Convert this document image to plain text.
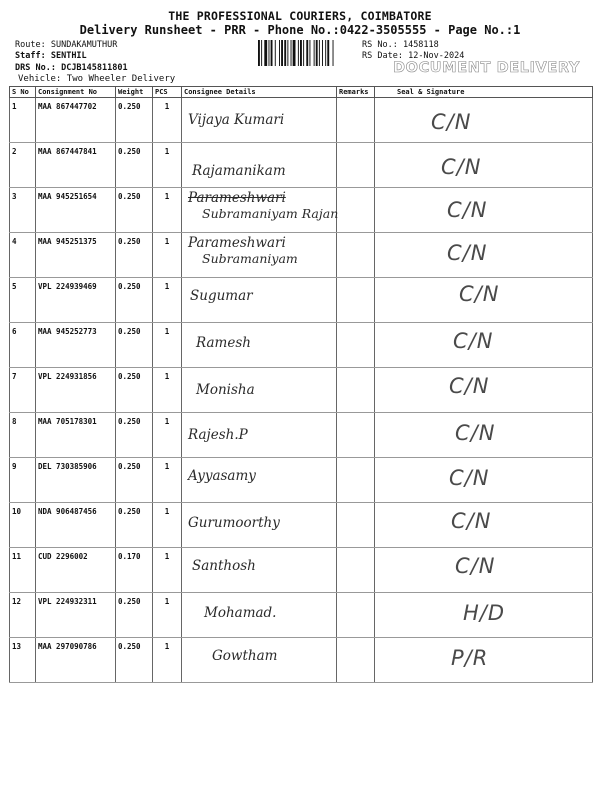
THE PROFESSIONAL COURIERS, COIMBATORE
Delivery Runsheet - PRR - Phone No.:0422-3505555 - Page No.:1
Route: SUNDAKAMUTHUR
Staff: SENTHIL
DRS No.: DCJB145811801
Vehicle: Two Wheeler Delivery
RS No.: 1458118
RS Date: 12-Nov-2024
DOCUMENT DELIVERY
S No	Consignment No	Weight	PCS	Consignee Details	Remarks	Seal & Signature
1	MAA 867447702	0.250	1	Vijaya Kumari		C/N

2	MAA 867447841	0.250	1	Rajamanikam		C/N

3	MAA 945251654	0.250	1	Parameshwari
Subramaniyam Rajan		C/N

4	MAA 945251375	0.250	1	Parameshwari
Subramaniyam		C/N

5	VPL 224939469	0.250	1	Sugumar		C/N

6	MAA 945252773	0.250	1	Ramesh		C/N

7	VPL 224931856	0.250	1	Monisha		C/N

8	MAA 705178301	0.250	1	Rajesh.P		C/N

9	DEL 730385906	0.250	1	Ayyasamy		C/N

10	NDA 906487456	0.250	1	Gurumoorthy		C/N

11	CUD 2296002	0.170	1	Santhosh		C/N

12	VPL 224932311	0.250	1	Mohamad.		H/D

13	MAA 297090786	0.250	1	Gowtham		P/R
